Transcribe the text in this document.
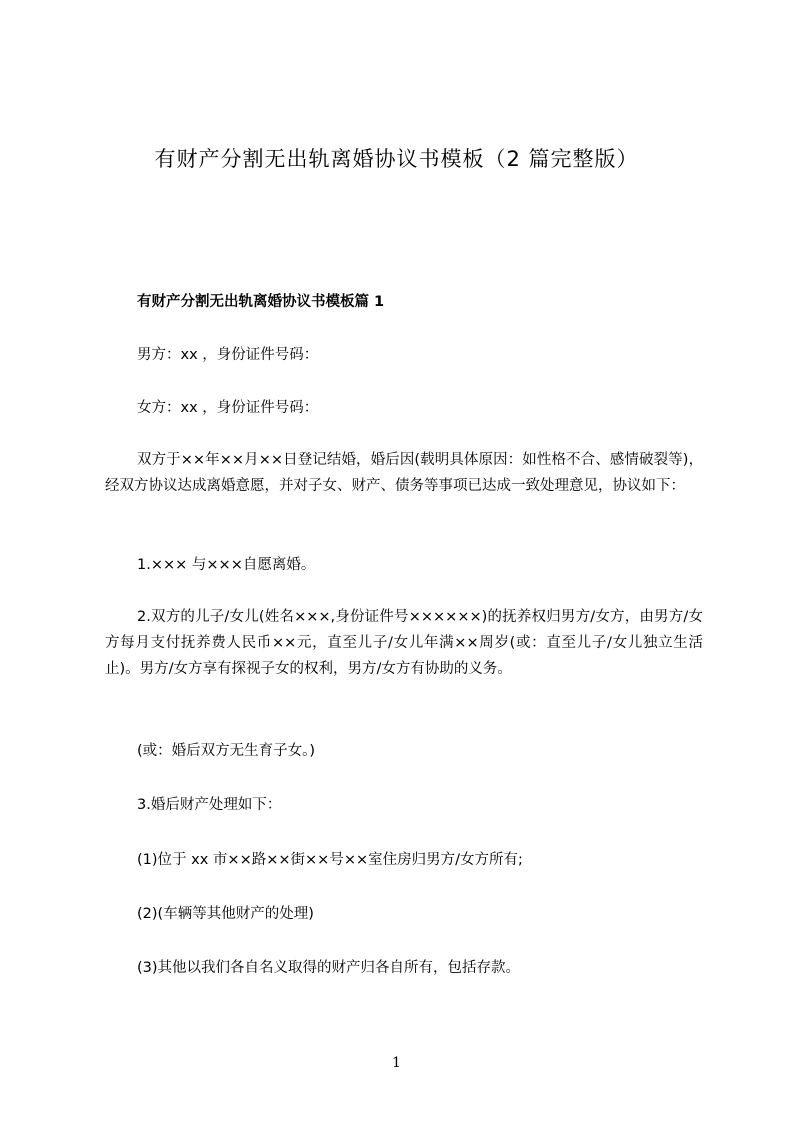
有财产分割无出轨离婚协议书模板（2 篇完整版）
有财产分割无出轨离婚协议书模板篇 1

男方：xx ，身份证件号码：

女方：xx ，身份证件号码：

双方于××年××月××日登记结婚，婚后因(载明具体原因：如性格不合、感情破裂等)，经双方协议达成离婚意愿，并对子女、财产、债务等事项已达成一致处理意见，协议如下：

1.××× 与×××自愿离婚。

2.双方的儿子/女儿(姓名×××,身份证件号××××××)的抚养权归男方/女方，由男方/女方每月支付抚养费人民币××元，直至儿子/女儿年满××周岁(或：直至儿子/女儿独立生活止)。男方/女方享有探视子女的权利，男方/女方有协助的义务。

(或：婚后双方无生育子女。)

3.婚后财产处理如下：

(1)位于 xx 市××路××街××号××室住房归男方/女方所有;

(2)(车辆等其他财产的处理)

(3)其他以我们各自名义取得的财产归各自所有，包括存款。

1
